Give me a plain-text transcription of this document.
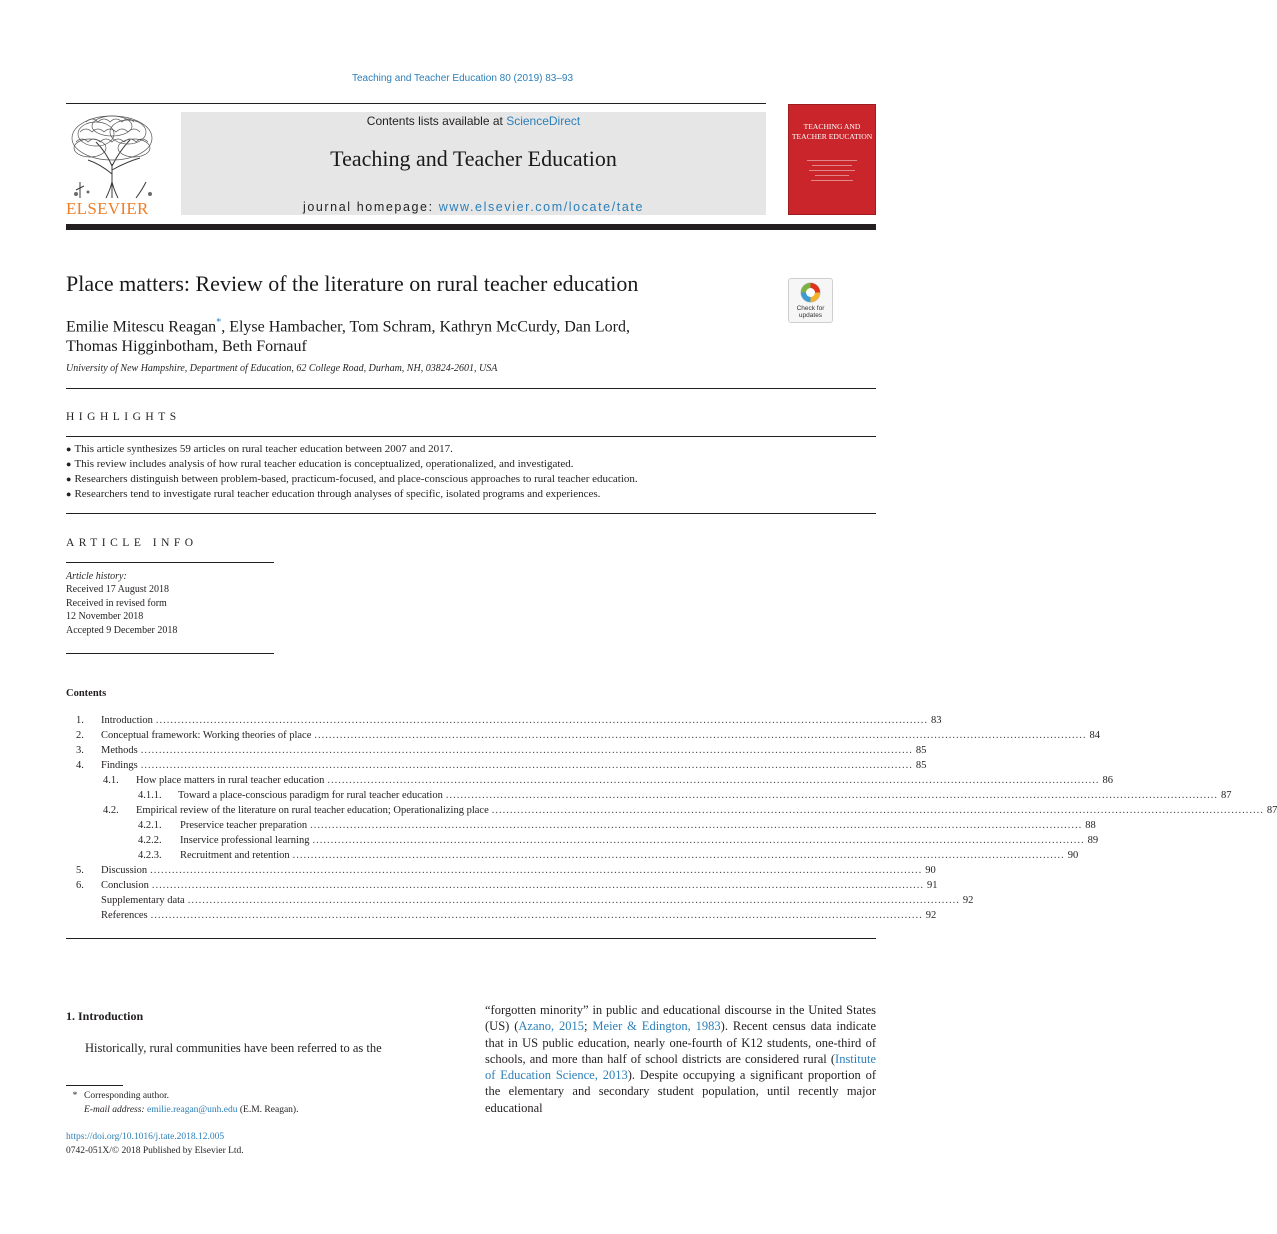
Teaching and Teacher Education 80 (2019) 83–93
ELSEVIER
Contents lists available at ScienceDirect
Teaching and Teacher Education
journal homepage: www.elsevier.com/locate/tate
TEACHING AND TEACHER EDUCATION
Place matters: Review of the literature on rural teacher education
Check for updates
Emilie Mitescu Reagan*, Elyse Hambacher, Tom Schram, Kathryn McCurdy, Dan Lord,
Thomas Higginbotham, Beth Fornauf
University of New Hampshire, Department of Education, 62 College Road, Durham, NH, 03824-2601, USA
HIGHLIGHTS
● This article synthesizes 59 articles on rural teacher education between 2007 and 2017.
● This review includes analysis of how rural teacher education is conceptualized, operationalized, and investigated.
● Researchers distinguish between problem-based, practicum-focused, and place-conscious approaches to rural teacher education.
● Researchers tend to investigate rural teacher education through analyses of specific, isolated programs and experiences.
ARTICLE INFO
Article history:
Received 17 August 2018
Received in revised form
12 November 2018
Accepted 9 December 2018
Contents
1. Introduction ..................................................................................................................................................................................................................... 83
2. Conceptual framework: Working theories of place ..................................................................................................................................................................................................................... 84
3. Methods ..................................................................................................................................................................................................................... 85
4. Findings ..................................................................................................................................................................................................................... 85
4.1. How place matters in rural teacher education ..................................................................................................................................................................................................................... 86
4.1.1. Toward a place-conscious paradigm for rural teacher education ..................................................................................................................................................................................................................... 87
4.2. Empirical review of the literature on rural teacher education; Operationalizing place ..................................................................................................................................................................................................................... 87
4.2.1. Preservice teacher preparation ..................................................................................................................................................................................................................... 88
4.2.2. Inservice professional learning ..................................................................................................................................................................................................................... 89
4.2.3. Recruitment and retention ..................................................................................................................................................................................................................... 90
5. Discussion ..................................................................................................................................................................................................................... 90
6. Conclusion ..................................................................................................................................................................................................................... 91
Supplementary data ..................................................................................................................................................................................................................... 92
References ..................................................................................................................................................................................................................... 92
1. Introduction
Historically, rural communities have been referred to as the
“forgotten minority” in public and educational discourse in the United States (US) (Azano, 2015; Meier & Edington, 1983). Recent census data indicate that in US public education, nearly one-fourth of K12 students, one-third of schools, and more than half of school districts are considered rural (Institute of Education Science, 2013). Despite occupying a significant proportion of the elementary and secondary student population, until recently major educational
* Corresponding author.
E-mail address: emilie.reagan@unh.edu (E.M. Reagan).
https://doi.org/10.1016/j.tate.2018.12.005
0742-051X/© 2018 Published by Elsevier Ltd.
